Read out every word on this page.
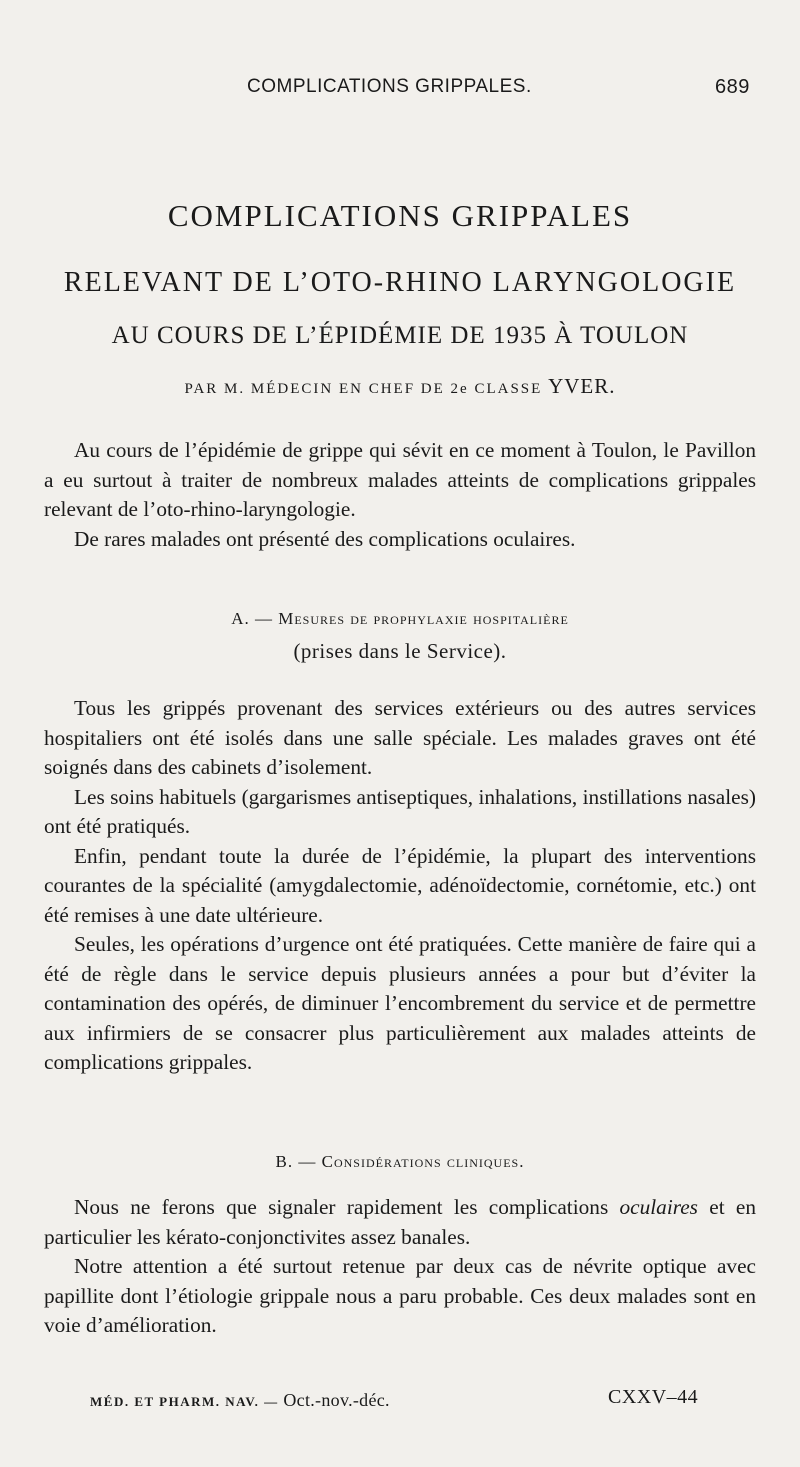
COMPLICATIONS GRIPPALES.	689
COMPLICATIONS GRIPPALES
RELEVANT DE L’OTO-RHINO LARYNGOLOGIE
AU COURS DE L’ÉPIDÉMIE DE 1935 À TOULON
PAR M. MÉDECIN EN CHEF DE 2e CLASSE YVER.

Au cours de l’épidémie de grippe qui sévit en ce moment à Toulon, le Pavillon a eu surtout à traiter de nombreux malades atteints de complications grippales relevant de l’oto-rhino-laryngologie.

De rares malades ont présenté des complications oculaires.

A. — Mesures de prophylaxie hospitalière
(prises dans le Service).

Tous les grippés provenant des services extérieurs ou des autres services hospitaliers ont été isolés dans une salle spéciale. Les malades graves ont été soignés dans des cabinets d’isolement.

Les soins habituels (gargarismes antiseptiques, inhalations, instillations nasales) ont été pratiqués.

Enfin, pendant toute la durée de l’épidémie, la plupart des interventions courantes de la spécialité (amygdalectomie, adénoïdectomie, cornétomie, etc.) ont été remises à une date ultérieure.

Seules, les opérations d’urgence ont été pratiquées. Cette manière de faire qui a été de règle dans le service depuis plusieurs années a pour but d’éviter la contamination des opérés, de diminuer l’encombrement du service et de permettre aux infirmiers de se consacrer plus particulièrement aux malades atteints de complications grippales.

B. — Considérations cliniques.

Nous ne ferons que signaler rapidement les complications oculaires et en particulier les kérato-conjonctivites assez banales.

Notre attention a été surtout retenue par deux cas de névrite optique avec papillite dont l’étiologie grippale nous a paru probable. Ces deux malades sont en voie d’amélioration.

MÉD. ET PHARM. NAV. — Oct.-nov.-déc.	CXXV–44
